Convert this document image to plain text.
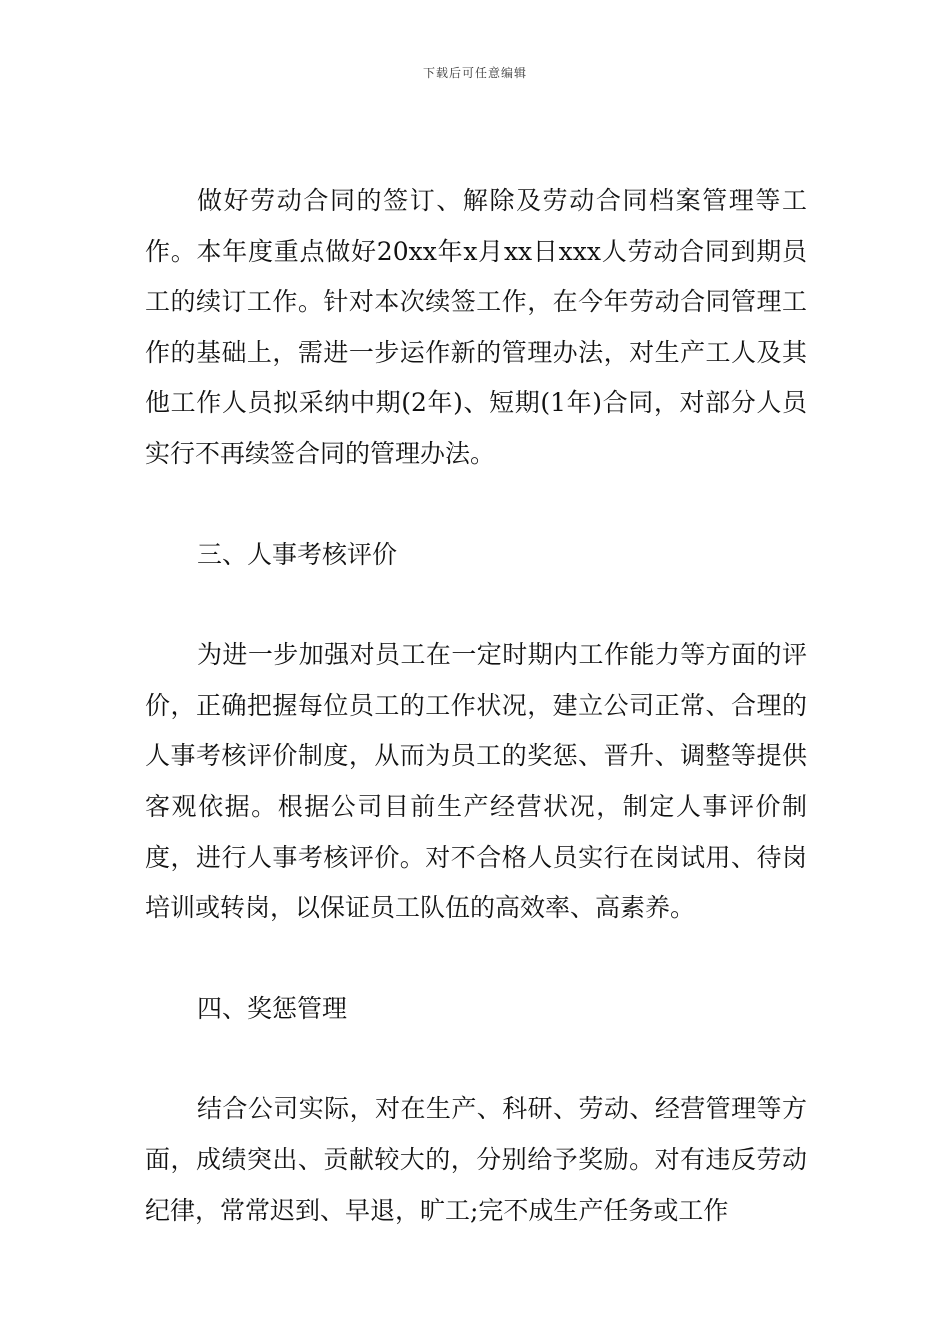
下载后可任意编辑

做好劳动合同的签订、解除及劳动合同档案管理等工作。本年度重点做好20xx年x月xx日xxx人劳动合同到期员工的续订工作。针对本次续签工作，在今年劳动合同管理工作的基础上，需进一步运作新的管理办法，对生产工人及其他工作人员拟采纳中期(2年)、短期(1年)合同，对部分人员实行不再续签合同的管理办法。

三、人事考核评价

为进一步加强对员工在一定时期内工作能力等方面的评价，正确把握每位员工的工作状况，建立公司正常、合理的人事考核评价制度，从而为员工的奖惩、晋升、调整等提供客观依据。根据公司目前生产经营状况，制定人事评价制度，进行人事考核评价。对不合格人员实行在岗试用、待岗培训或转岗，以保证员工队伍的高效率、高素养。

四、奖惩管理

结合公司实际，对在生产、科研、劳动、经营管理等方面，成绩突出、贡献较大的，分别给予奖励。对有违反劳动纪律，常常迟到、早退，旷工;完不成生产任务或工作
